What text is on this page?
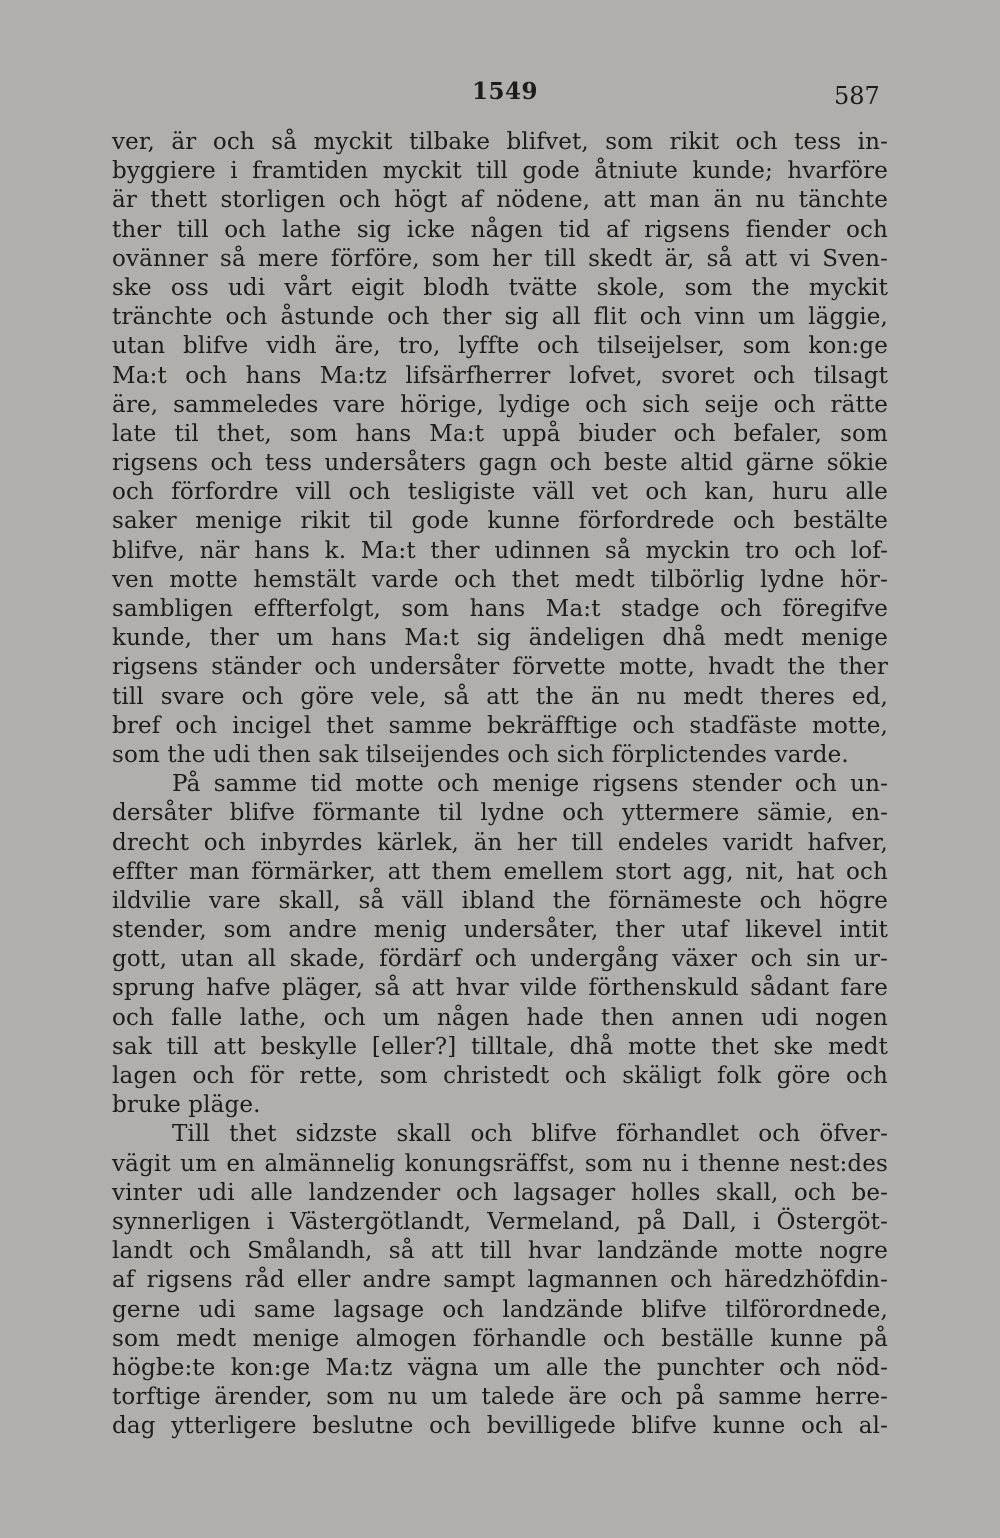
1549	587
ver, är och så myckit tilbake blifvet, som rikit och tess in-
byggiere i framtiden myckit till gode åtniute kunde; hvarföre
är thett storligen och högt af nödene, att man än nu tänchte
ther till och lathe sig icke någen tid af rigsens fiender och
ovänner så mere förföre, som her till skedt är, så att vi Sven-
ske oss udi vårt eigit blodh tvätte skole, som the myckit
tränchte och åstunde och ther sig all flit och vinn um läggie,
utan blifve vidh äre, tro, lyffte och tilseijelser, som kon:ge
Ma:t och hans Ma:tz lifsärfherrer lofvet, svoret och tilsagt
äre, sammeledes vare hörige, lydige och sich seije och rätte
late til thet, som hans Ma:t uppå biuder och befaler, som
rigsens och tess undersåters gagn och beste altid gärne sökie
och förfordre vill och tesligiste väll vet och kan, huru alle
saker menige rikit til gode kunne förfordrede och bestälte
blifve, när hans k. Ma:t ther udinnen så myckin tro och lof-
ven motte hemstält varde och thet medt tilbörlig lydne hör-
sambligen effterfolgt, som hans Ma:t stadge och föregifve
kunde, ther um hans Ma:t sig ändeligen dhå medt menige
rigsens ständer och undersåter förvette motte, hvadt the ther
till svare och göre vele, så att the än nu medt theres ed,
bref och incigel thet samme bekräfftige och stadfäste motte,
som the udi then sak tilseijendes och sich förplictendes varde.
På samme tid motte och menige rigsens stender och un-
dersåter blifve förmante til lydne och yttermere sämie, en-
drecht och inbyrdes kärlek, än her till endeles varidt hafver,
effter man förmärker, att them emellem stort agg, nit, hat och
ildvilie vare skall, så väll ibland the förnämeste och högre
stender, som andre menig undersåter, ther utaf likevel intit
gott, utan all skade, fördärf och undergång växer och sin ur-
sprung hafve pläger, så att hvar vilde förthenskuld sådant fare
och falle lathe, och um någen hade then annen udi nogen
sak till att beskylle [eller?] tilltale, dhå motte thet ske medt
lagen och för rette, som christedt och skäligt folk göre och
bruke pläge.
Till thet sidzste skall och blifve förhandlet och öfver-
vägit um en almännelig konungsräffst, som nu i thenne nest:des
vinter udi alle landzender och lagsager holles skall, och be-
synnerligen i Västergötlandt, Vermeland, på Dall, i Östergöt-
landt och Smålandh, så att till hvar landzände motte nogre
af rigsens råd eller andre sampt lagmannen och häredzhöfdin-
gerne udi same lagsage och landzände blifve tilförordnede,
som medt menige almogen förhandle och beställe kunne på
högbe:te kon:ge Ma:tz vägna um alle the punchter och nöd-
torftige ärender, som nu um talede äre och på samme herre-
dag ytterligere beslutne och bevilligede blifve kunne och al-
